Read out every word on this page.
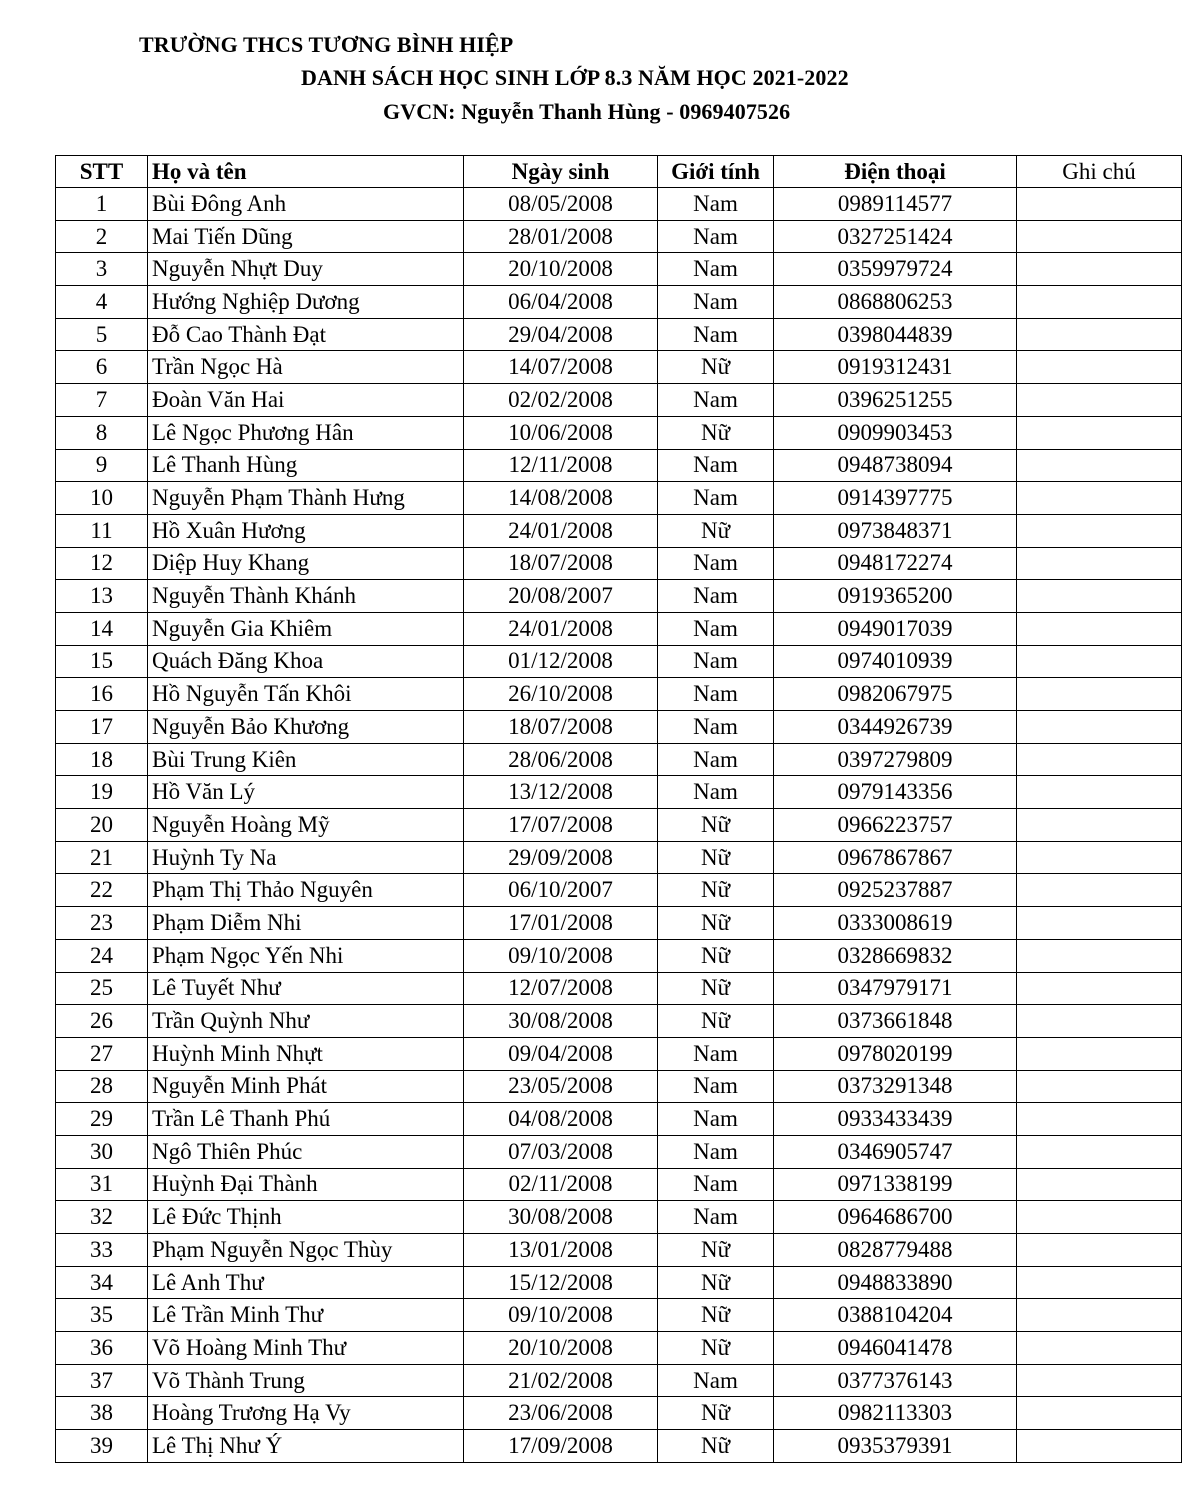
TRƯỜNG THCS TƯƠNG BÌNH HIỆP
DANH SÁCH HỌC SINH LỚP 8.3 NĂM HỌC 2021-2022
GVCN: Nguyễn Thanh Hùng - 0969407526
STT	Họ và tên	Ngày sinh	Giới tính	Điện thoại	Ghi chú
1	Bùi Đông Anh	08/05/2008	Nam	0989114577	
2	Mai Tiến Dũng	28/01/2008	Nam	0327251424	
3	Nguyễn Nhựt Duy	20/10/2008	Nam	0359979724	
4	Hướng Nghiệp Dương	06/04/2008	Nam	0868806253	
5	Đỗ Cao Thành Đạt	29/04/2008	Nam	0398044839	
6	Trần Ngọc Hà	14/07/2008	Nữ	0919312431	
7	Đoàn Văn Hai	02/02/2008	Nam	0396251255	
8	Lê Ngọc Phương Hân	10/06/2008	Nữ	0909903453	
9	Lê Thanh Hùng	12/11/2008	Nam	0948738094	
10	Nguyễn Phạm Thành Hưng	14/08/2008	Nam	0914397775	
11	Hồ Xuân Hương	24/01/2008	Nữ	0973848371	
12	Diệp Huy Khang	18/07/2008	Nam	0948172274	
13	Nguyễn Thành Khánh	20/08/2007	Nam	0919365200	
14	Nguyễn Gia Khiêm	24/01/2008	Nam	0949017039	
15	Quách Đăng Khoa	01/12/2008	Nam	0974010939	
16	Hồ Nguyễn Tấn Khôi	26/10/2008	Nam	0982067975	
17	Nguyễn Bảo Khương	18/07/2008	Nam	0344926739	
18	Bùi Trung Kiên	28/06/2008	Nam	0397279809	
19	Hồ Văn Lý	13/12/2008	Nam	0979143356	
20	Nguyễn Hoàng Mỹ	17/07/2008	Nữ	0966223757	
21	Huỳnh Ty Na	29/09/2008	Nữ	0967867867	
22	Phạm Thị Thảo Nguyên	06/10/2007	Nữ	0925237887	
23	Phạm Diễm Nhi	17/01/2008	Nữ	0333008619	
24	Phạm Ngọc Yến Nhi	09/10/2008	Nữ	0328669832	
25	Lê Tuyết Như	12/07/2008	Nữ	0347979171	
26	Trần Quỳnh Như	30/08/2008	Nữ	0373661848	
27	Huỳnh Minh Nhựt	09/04/2008	Nam	0978020199	
28	Nguyễn Minh Phát	23/05/2008	Nam	0373291348	
29	Trần Lê Thanh Phú	04/08/2008	Nam	0933433439	
30	Ngô Thiên Phúc	07/03/2008	Nam	0346905747	
31	Huỳnh Đại Thành	02/11/2008	Nam	0971338199	
32	Lê Đức Thịnh	30/08/2008	Nam	0964686700	
33	Phạm Nguyễn Ngọc Thùy	13/01/2008	Nữ	0828779488	
34	Lê Anh Thư	15/12/2008	Nữ	0948833890	
35	Lê Trần Minh Thư	09/10/2008	Nữ	0388104204	
36	Võ Hoàng Minh Thư	20/10/2008	Nữ	0946041478	
37	Võ Thành Trung	21/02/2008	Nam	0377376143	
38	Hoàng Trương Hạ Vy	23/06/2008	Nữ	0982113303	
39	Lê Thị Như Ý	17/09/2008	Nữ	0935379391	
